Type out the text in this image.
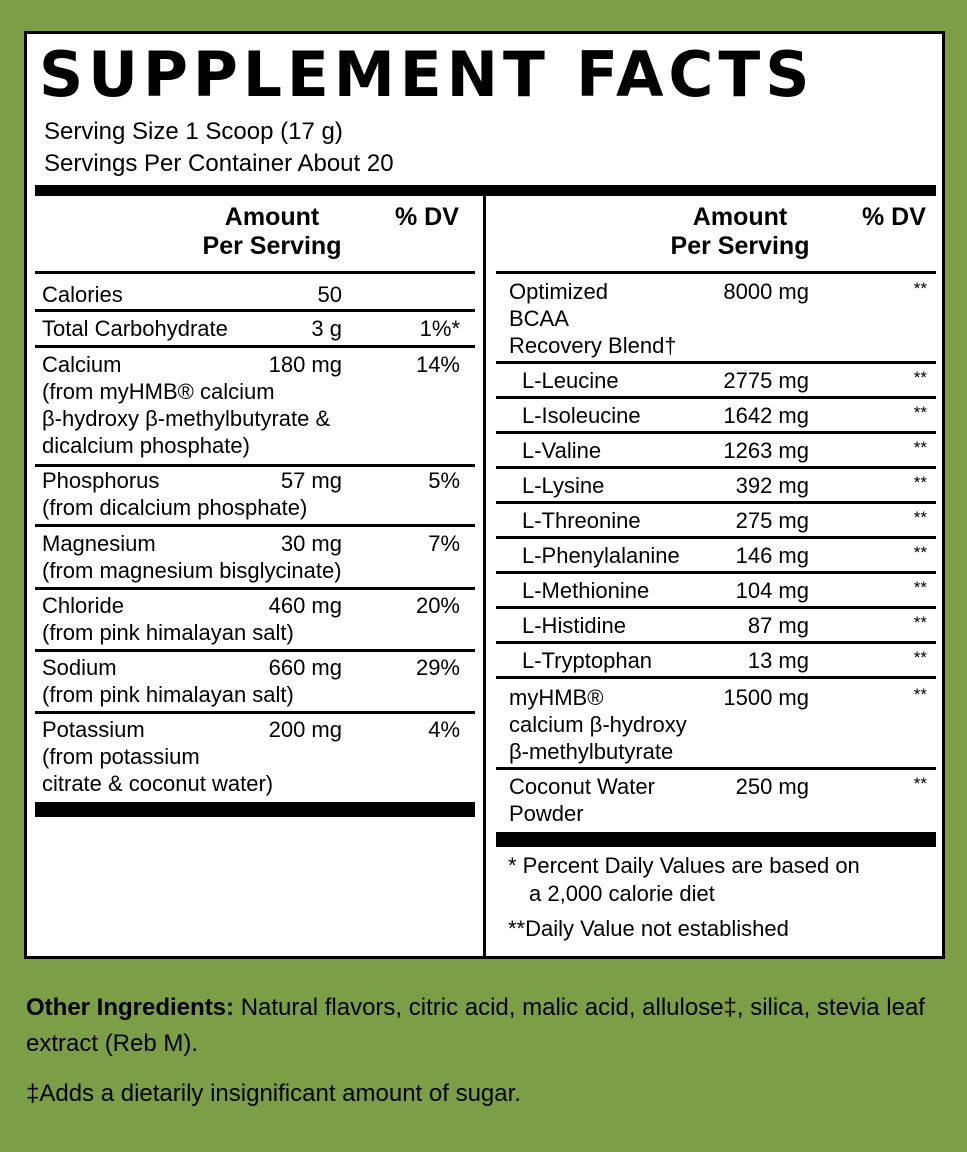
SUPPLEMENT FACTS
Serving Size 1 Scoop (17 g)
Servings Per Container About 20
Amount
Per Serving
% DV	Amount
Per Serving
% DV
Calories	50
Total Carbohydrate	3 g	1%*
Calcium	180 mg	14%
(from myHMB® calcium
β-hydroxy β-methylbutyrate &
dicalcium phosphate)
Phosphorus	57 mg	5%
(from dicalcium phosphate)
Magnesium	30 mg	7%
(from magnesium bisglycinate)
Chloride	460 mg	20%
(from pink himalayan salt)
Sodium	660 mg	29%
(from pink himalayan salt)
Potassium	200 mg	4%
(from potassium
citrate & coconut water)
Optimized	8000 mg	**
BCAA
Recovery Blend†
L-Leucine	2775 mg	**
L-Isoleucine	1642 mg	**
L-Valine	1263 mg	**
L-Lysine	392 mg	**
L-Threonine	275 mg	**
L-Phenylalanine	146 mg	**
L-Methionine	104 mg	**
L-Histidine	87 mg	**
L-Tryptophan	13 mg	**
myHMB®	1500 mg	**
calcium β-hydroxy
β-methylbutyrate
Coconut Water	250 mg	**
Powder
* Percent Daily Values are based on
a 2,000 calorie diet
**Daily Value not established
Other Ingredients: Natural flavors, citric acid, malic acid, allulose‡, silica, stevia leaf extract (Reb M).
‡Adds a dietarily insignificant amount of sugar.
